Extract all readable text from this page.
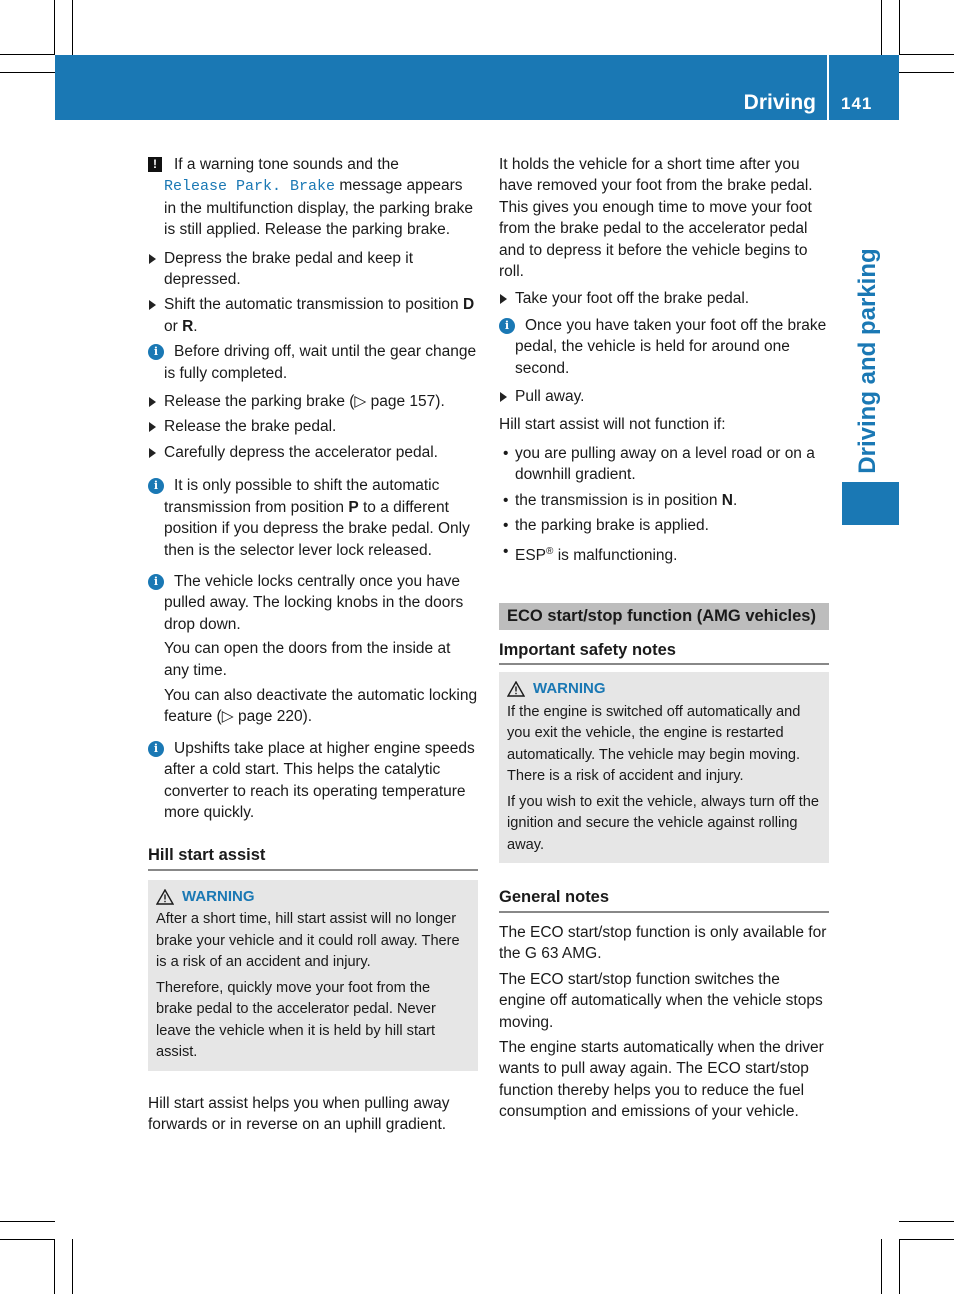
Driving 141
Driving and parking
!	If a warning tone sounds and the
Release Park. Brake message appears in the multifunction display, the parking brake is still applied. Release the parking brake.
Depress the brake pedal and keep it depressed.
Shift the automatic transmission to position D or R.
i	Before driving off, wait until the gear change is fully completed.
Release the parking brake (▷ page 157).
Release the brake pedal.
Carefully depress the accelerator pedal.
i	It is only possible to shift the automatic transmission from position P to a different position if you depress the brake pedal. Only then is the selector lever lock released.
i	The vehicle locks centrally once you have pulled away. The locking knobs in the doors drop down.
You can open the doors from the inside at any time.
You can also deactivate the automatic locking feature (▷ page 220).
i	Upshifts take place at higher engine speeds after a cold start. This helps the catalytic converter to reach its operating temperature more quickly.
Hill start assist
WARNING
After a short time, hill start assist will no longer brake your vehicle and it could roll away. There is a risk of an accident and injury.
Therefore, quickly move your foot from the brake pedal to the accelerator pedal. Never leave the vehicle when it is held by hill start assist.
Hill start assist helps you when pulling away forwards or in reverse on an uphill gradient.
It holds the vehicle for a short time after you have removed your foot from the brake pedal. This gives you enough time to move your foot from the brake pedal to the accelerator pedal and to depress it before the vehicle begins to roll.
Take your foot off the brake pedal.
i	Once you have taken your foot off the brake pedal, the vehicle is held for around one second.
Pull away.
Hill start assist will not function if:
• you are pulling away on a level road or on a downhill gradient.
• the transmission is in position N.
• the parking brake is applied.
• ESP® is malfunctioning.
ECO start/stop function (AMG vehicles)
Important safety notes
WARNING
If the engine is switched off automatically and you exit the vehicle, the engine is restarted automatically. The vehicle may begin moving. There is a risk of accident and injury.
If you wish to exit the vehicle, always turn off the ignition and secure the vehicle against rolling away.
General notes
The ECO start/stop function is only available for the G 63 AMG.
The ECO start/stop function switches the engine off automatically when the vehicle stops moving.
The engine starts automatically when the driver wants to pull away again. The ECO start/stop function thereby helps you to reduce the fuel consumption and emissions of your vehicle.
